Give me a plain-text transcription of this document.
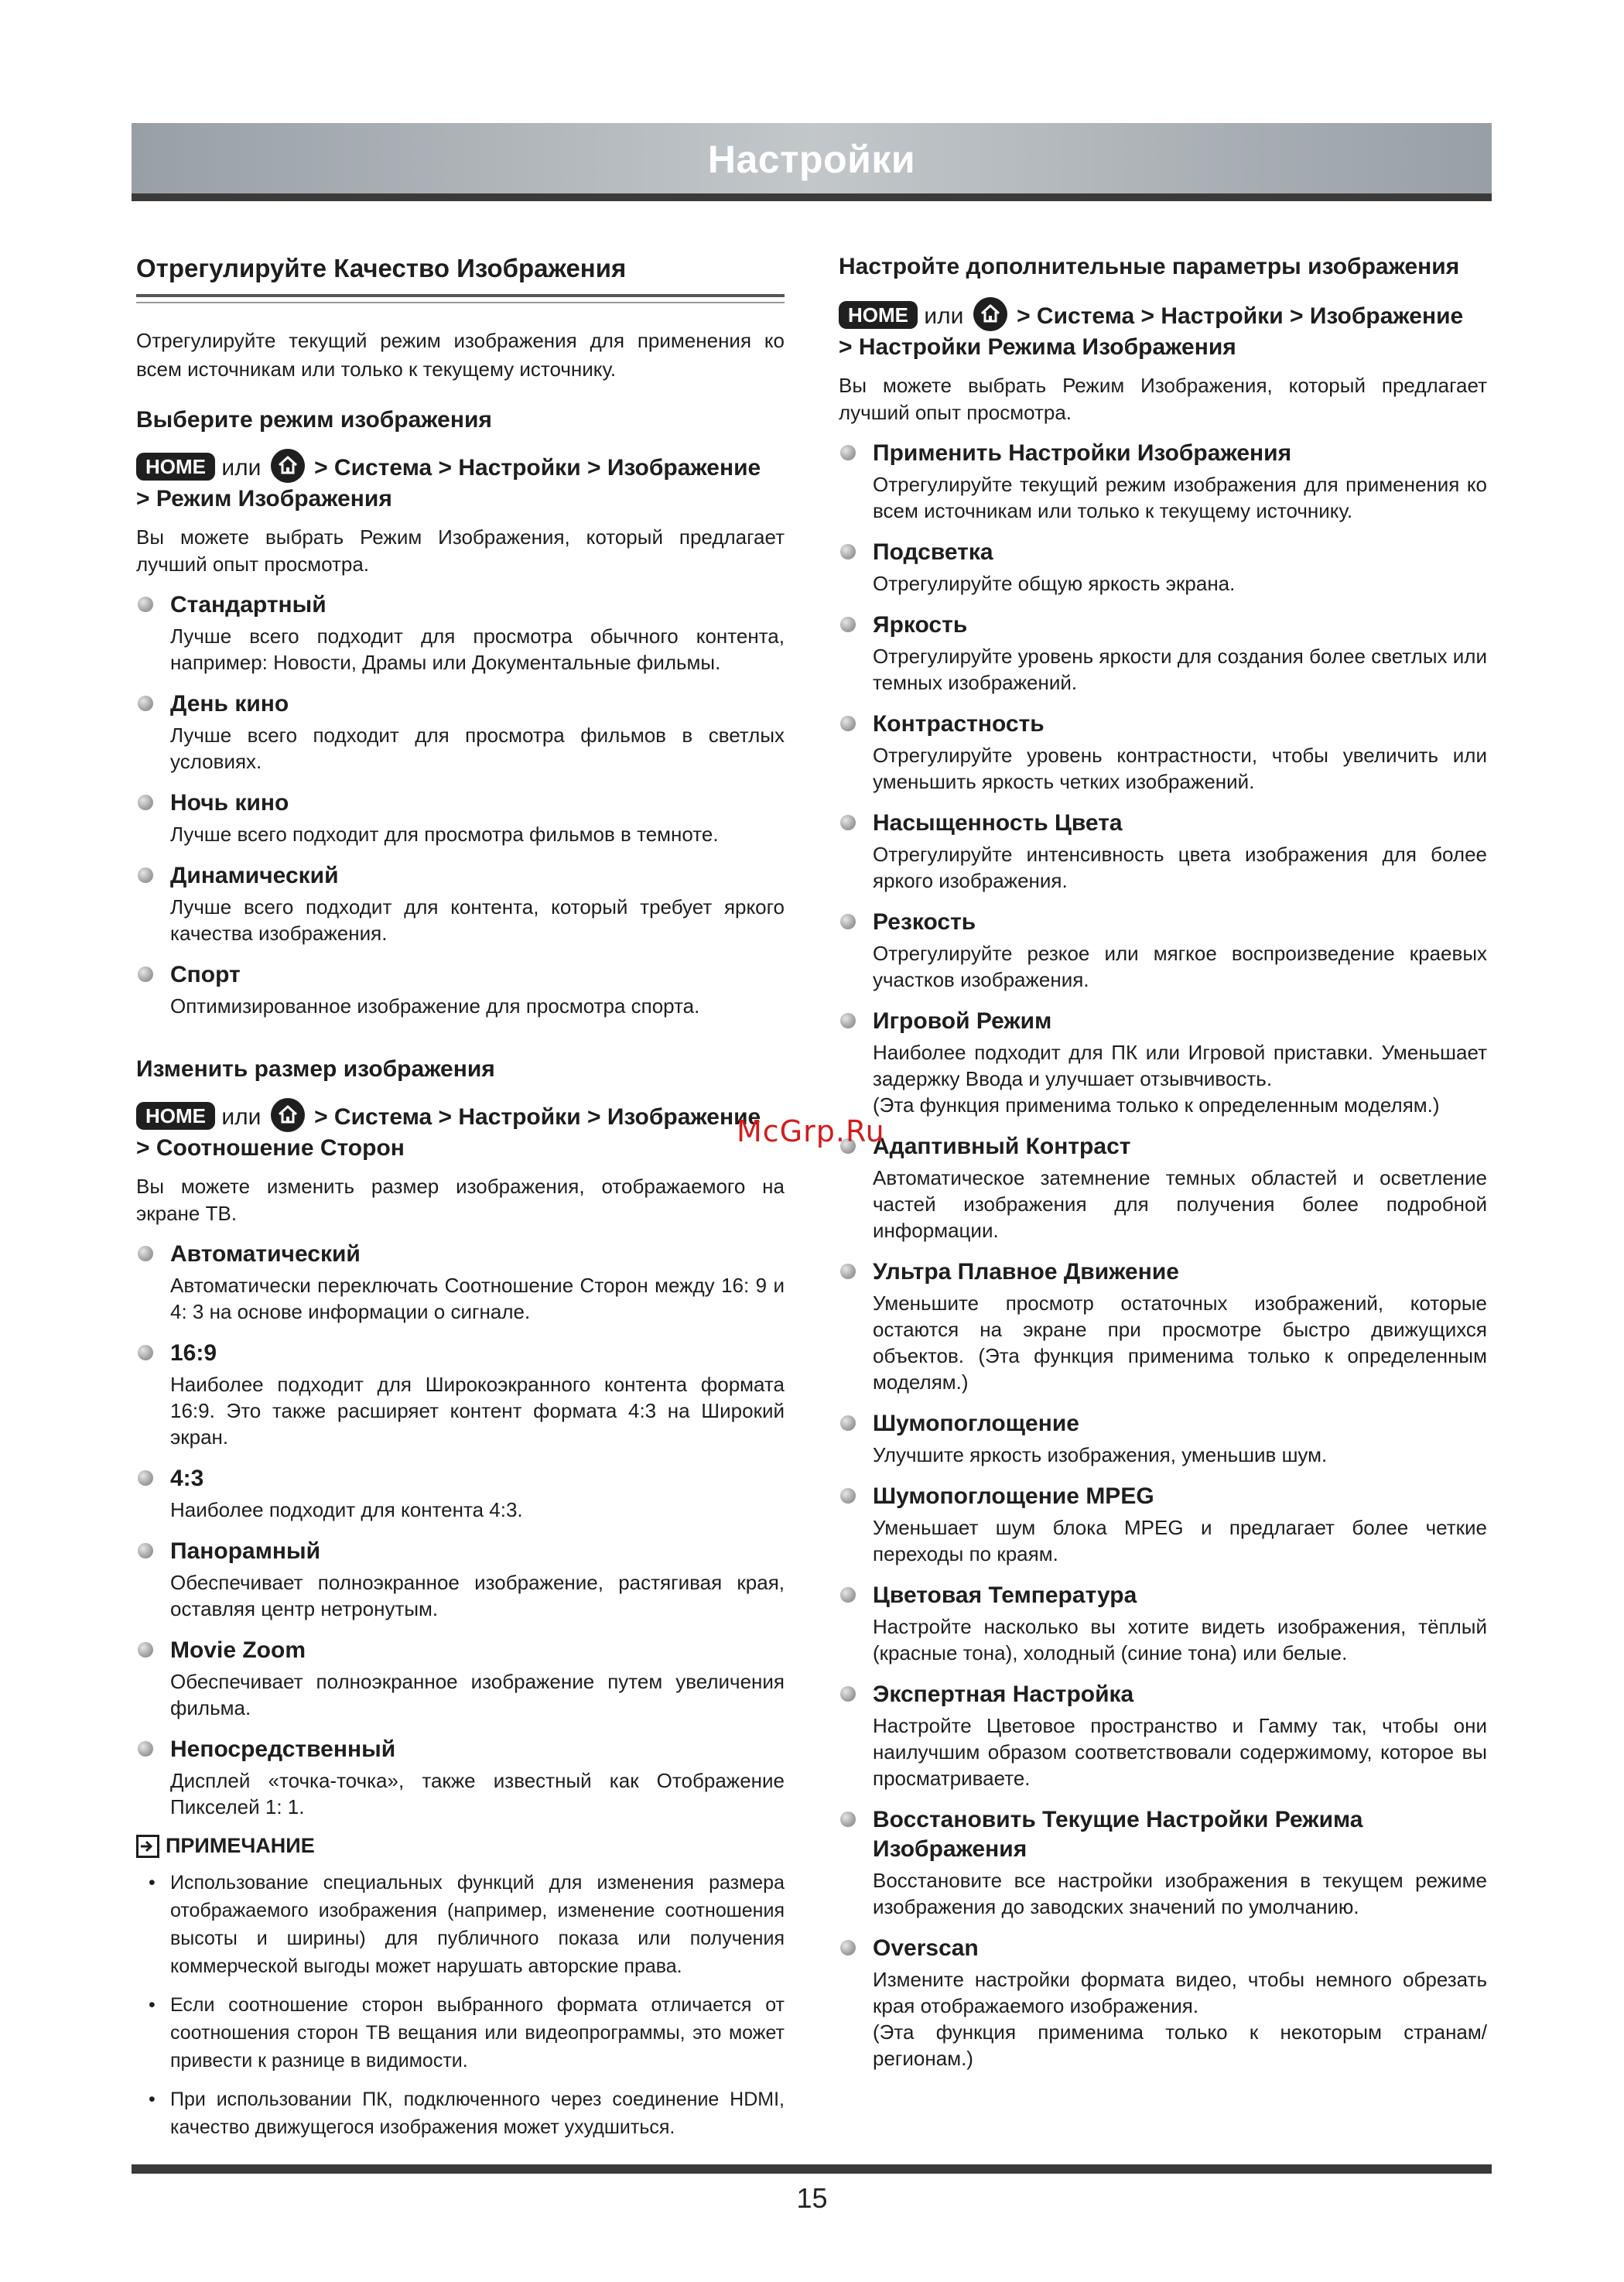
Настройки
Отрегулируйте Качество Изображения

Отрегулируйте текущий режим изображения для применения ко всем источникам или только к текущему источнику.

Выберите режим изображения
HOME или > Система > Настройки > Изображение
> Режим Изображения

Вы можете выбрать Режим Изображения, который предлагает лучший опыт просмотра.

Стандартный

Лучше всего подходит для просмотра обычного контента, например: Новости, Драмы или Документальные фильмы.

День кино

Лучше всего подходит для просмотра фильмов в светлых условиях.

Ночь кино

Лучше всего подходит для просмотра фильмов в темноте.

Динамический

Лучше всего подходит для контента, который требует яркого качества изображения.

Спорт

Оптимизированное изображение для просмотра спорта.

Изменить размер изображения
HOME или > Система > Настройки > Изображение
> Соотношение Сторон

Вы можете изменить размер изображения, отображаемого на экране ТВ.

Автоматический

Автоматически переключать Соотношение Сторон между 16: 9 и 4: 3 на основе информации о сигнале.

16:9

Наиболее подходит для Широкоэкранного контента формата 16:9. Это также расширяет контент формата 4:3 на Широкий экран.

4:3

Наиболее подходит для контента 4:3.

Панорамный

Обеспечивает полноэкранное изображение, растягивая края, оставляя центр нетронутым.

Movie Zoom

Обеспечивает полноэкранное изображение путем увеличения фильма.

Непосредственный

Дисплей «точка-точка», также известный как Отображение Пикселей 1: 1.

ПРИМЕЧАНИЕ
• Использование специальных функций для изменения размера отображаемого изображения (например, изменение соотношения высоты и ширины) для публичного показа или получения коммерческой выгоды может нарушать авторские права.
• Если соотношение сторон выбранного формата отличается от соотношения сторон ТВ вещания или видеопрограммы, это может привести к разнице в видимости.
• При использовании ПК, подключенного через соединение HDMI, качество движущегося изображения может ухудшиться.
Настройте дополнительные параметры изображения
HOME или > Система > Настройки > Изображение
> Настройки Режима Изображения

Вы можете выбрать Режим Изображения, который предлагает лучший опыт просмотра.

Применить Настройки Изображения

Отрегулируйте текущий режим изображения для применения ко всем источникам или только к текущему источнику.

Подсветка

Отрегулируйте общую яркость экрана.

Яркость

Отрегулируйте уровень яркости для создания более светлых или темных изображений.

Контрастность

Отрегулируйте уровень контрастности, чтобы увеличить или уменьшить яркость четких изображений.

Насыщенность Цвета

Отрегулируйте интенсивность цвета изображения для более яркого изображения.

Резкость

Отрегулируйте резкое или мягкое воспроизведение краевых участков изображения.

Игровой Режим

Наиболее подходит для ПК или Игровой приставки. Уменьшает задержку Ввода и улучшает отзывчивость.

(Эта функция применима только к определенным моделям.)

Адаптивный Контраст

Автоматическое затемнение темных областей и осветление частей изображения для получения более подробной информации.

Ультра Плавное Движение

Уменьшите просмотр остаточных изображений, которые остаются на экране при просмотре быстро движущихся объектов. (Эта функция применима только к определенным моделям.)

Шумопоглощение

Улучшите яркость изображения, уменьшив шум.

Шумопоглощение MPEG

Уменьшает шум блока MPEG и предлагает более четкие переходы по краям.

Цветовая Температура

Настройте насколько вы хотите видеть изображения, тёплый (красные тона), холодный (синие тона) или белые.

Экспертная Настройка

Настройте Цветовое пространство и Гамму так, чтобы они наилучшим образом соответствовали содержимому, которое вы просматриваете.

Восстановить Текущие Настройки Режима Изображения

Восстановите все настройки изображения в текущем режиме изображения до заводских значений по умолчанию.

Overscan

Измените настройки формата видео, чтобы немного обрезать края отображаемого изображения.

(Эта функция применима только к некоторым странам/регионам.)

McGrp.Ru
15
